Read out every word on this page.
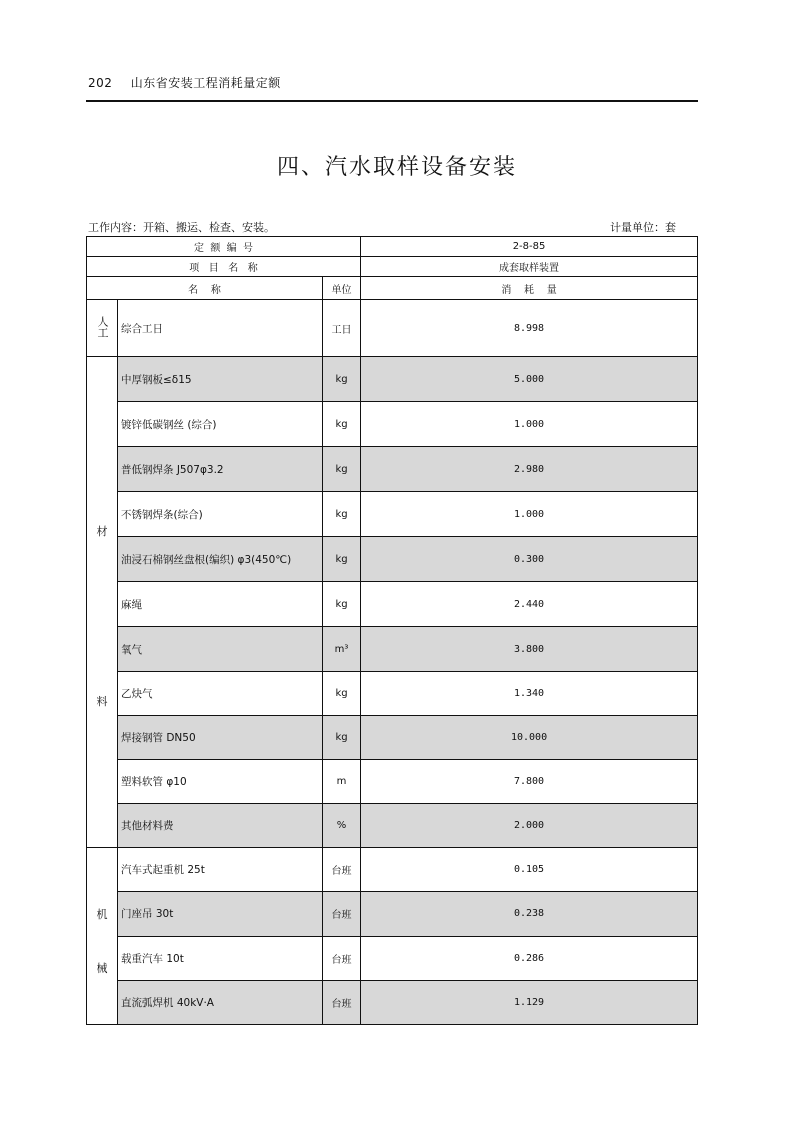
202 山东省安装工程消耗量定额
四、汽水取样设备安装
工作内容：开箱、搬运、检查、安装。	计量单位：套
定  额  编  号			2-8-85
项   目   名   称			成套取样装置
名    称		单位	消    耗    量
人工	综合工日	工日	8.998

材
料	中厚钢板≤δ15	kg	5.000
	镀锌低碳钢丝 (综合)	kg	1.000
	普低钢焊条 J507φ3.2	kg	2.980
	不锈钢焊条(综合)	kg	1.000
	油浸石棉钢丝盘根(编织) φ3(450℃)	kg	0.300
	麻绳	kg	2.440
	氧气	m³	3.800
	乙炔气	kg	1.340
	焊接钢管 DN50	kg	10.000
	塑料软管 φ10	m	7.800
	其他材料费	%	2.000

机
械	汽车式起重机 25t	台班	0.105
	门座吊 30t	台班	0.238
	载重汽车 10t	台班	0.286
	直流弧焊机 40kV·A	台班	1.129
